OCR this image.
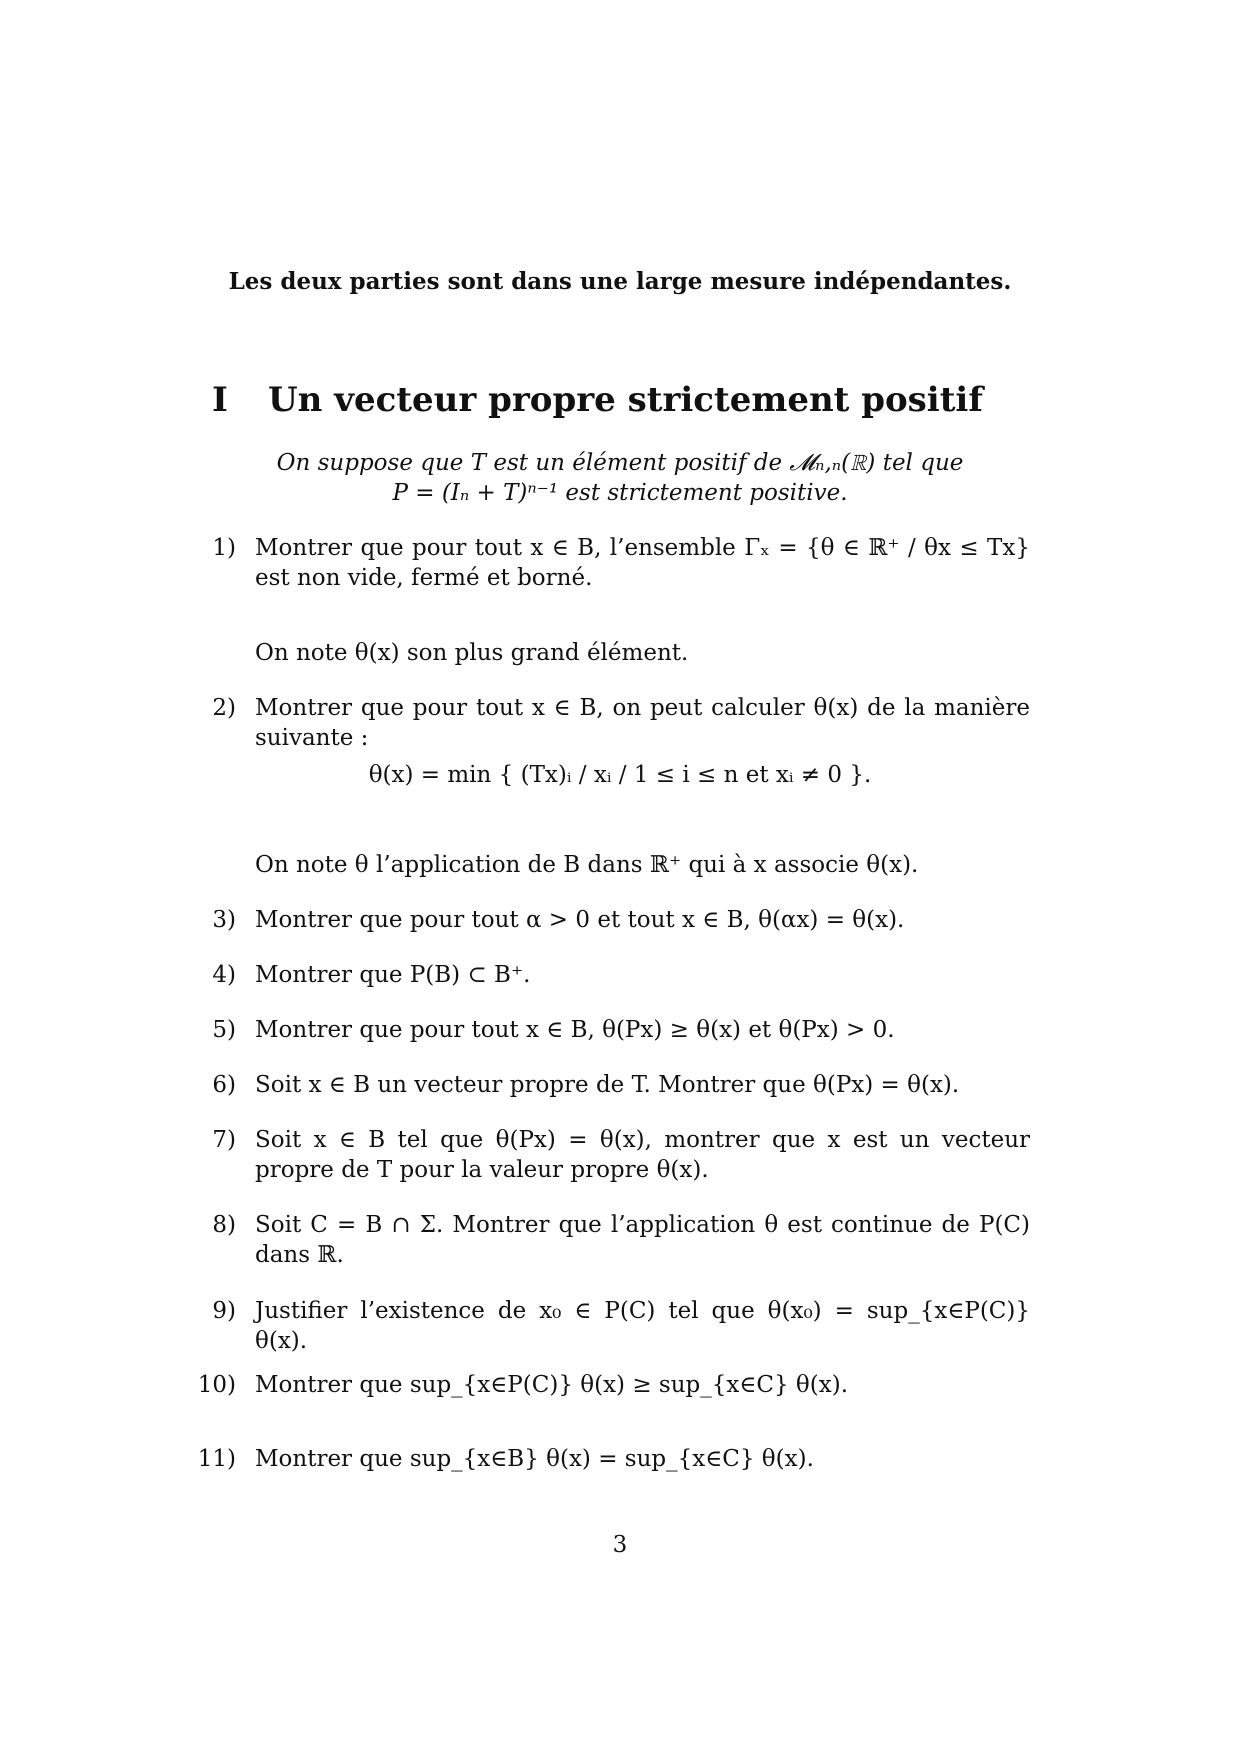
Les deux parties sont dans une large mesure indépendantes.
I	Un vecteur propre strictement positif
On suppose que T est un élément positif de 𝓜ₙ,ₙ(ℝ) tel que
P = (Iₙ + T)ⁿ⁻¹ est strictement positive.
1) Montrer que pour tout x ∈ B, l’ensemble Γₓ = {θ ∈ ℝ⁺ / θx ≤ Tx} est non vide, fermé et borné.
On note θ(x) son plus grand élément.
2) Montrer que pour tout x ∈ B, on peut calculer θ(x) de la manière suivante :
θ(x) = min { (Tx)ᵢ / xᵢ / 1 ≤ i ≤ n et xᵢ ≠ 0 }.
On note θ l’application de B dans ℝ⁺ qui à x associe θ(x).
3) Montrer que pour tout α > 0 et tout x ∈ B, θ(αx) = θ(x).
4) Montrer que P(B) ⊂ B⁺.
5) Montrer que pour tout x ∈ B, θ(Px) ≥ θ(x) et θ(Px) > 0.
6) Soit x ∈ B un vecteur propre de T. Montrer que θ(Px) = θ(x).
7) Soit x ∈ B tel que θ(Px) = θ(x), montrer que x est un vecteur propre de T pour la valeur propre θ(x).
8) Soit C = B ∩ Σ. Montrer que l’application θ est continue de P(C) dans ℝ.
9) Justifier l’existence de x₀ ∈ P(C) tel que θ(x₀) = sup_{x∈P(C)} θ(x).
10) Montrer que sup_{x∈P(C)} θ(x) ≥ sup_{x∈C} θ(x).
11) Montrer que sup_{x∈B} θ(x) = sup_{x∈C} θ(x).
3
